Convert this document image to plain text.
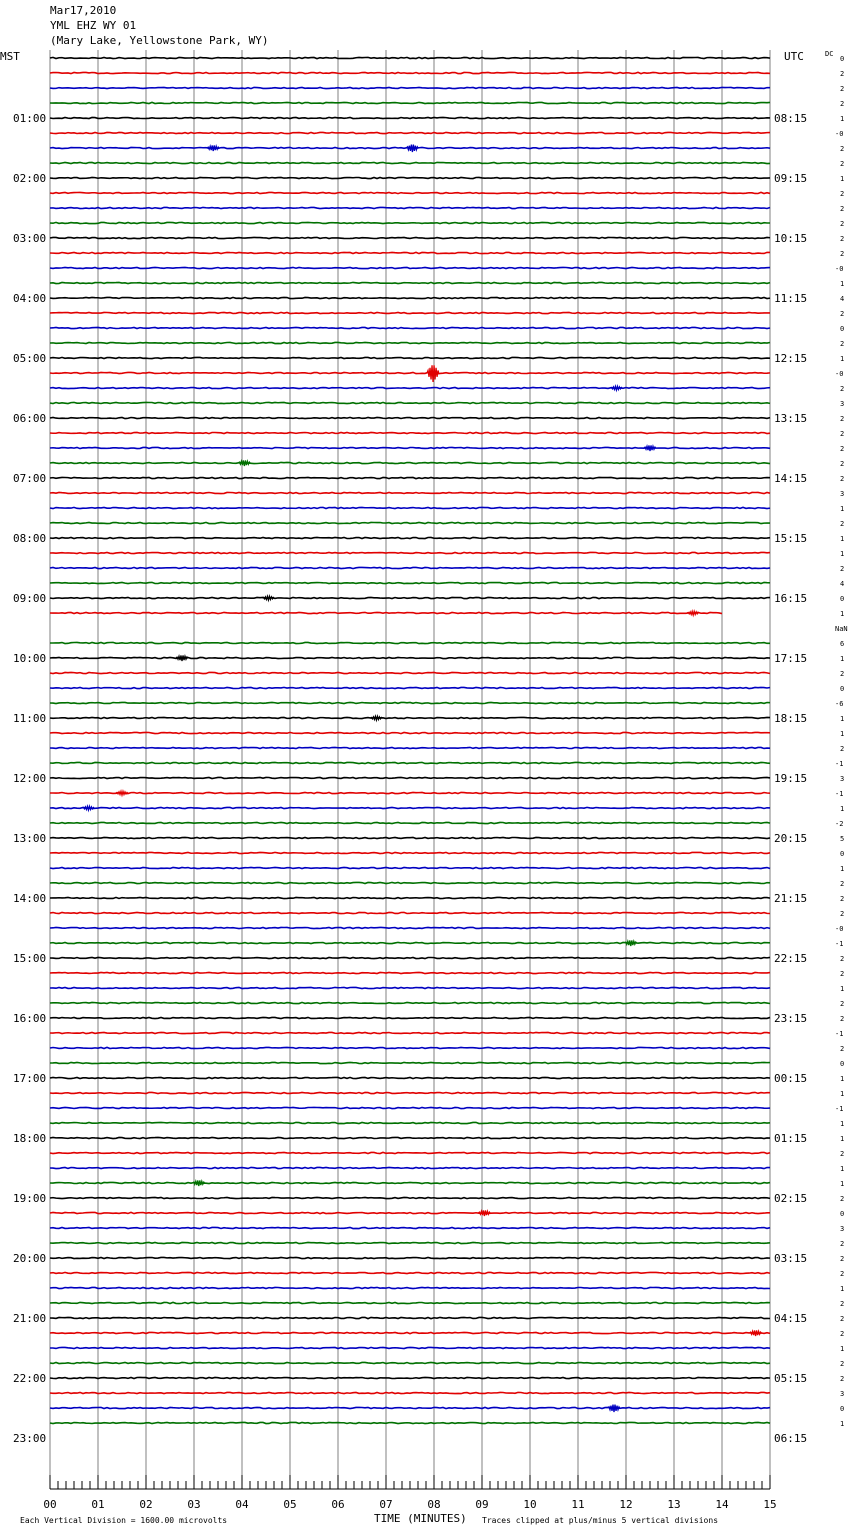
Mar17,2010
YML EHZ WY 01
(Mary Lake, Yellowstone Park, WY)
MST	UTC	DC
01:00
02:00
03:00
04:00
05:00
06:00
07:00
08:00
09:00
10:00
11:00
12:00
13:00
14:00
15:00
16:00
17:00
18:00
19:00
20:00
21:00
22:00
23:00
08:15
09:15
10:15
11:15
12:15
13:15
14:15
15:15
16:15
17:15
18:15
19:15
20:15
21:15
22:15
23:15
00:15
01:15
02:15
03:15
04:15
05:15
06:15
0
2
2
2
1
-0
2
2
1
2
2
2
2
2
-0
1
4
2
0
2
1
-0
2
3
2
2
2
2
2
3
1
2
1
1
2
4
0
1
NaN
6
1
2
0
-6
1
1
2
-1
3
-1
1
-2
5
0
1
2
2
2
-0
-1
2
2
1
2
2
-1
2
0
1
1
-1
1
1
2
1
1
2
0
3
2
2
2
1
2
2
2
1
2
2
3
0
1
00	01	02	03	04	05	06	07	08	09	10	11	12	13	14	15
Each Vertical Division = 1600.00 microvolts	TIME (MINUTES) Traces clipped at plus/minus 5 vertical divisions
